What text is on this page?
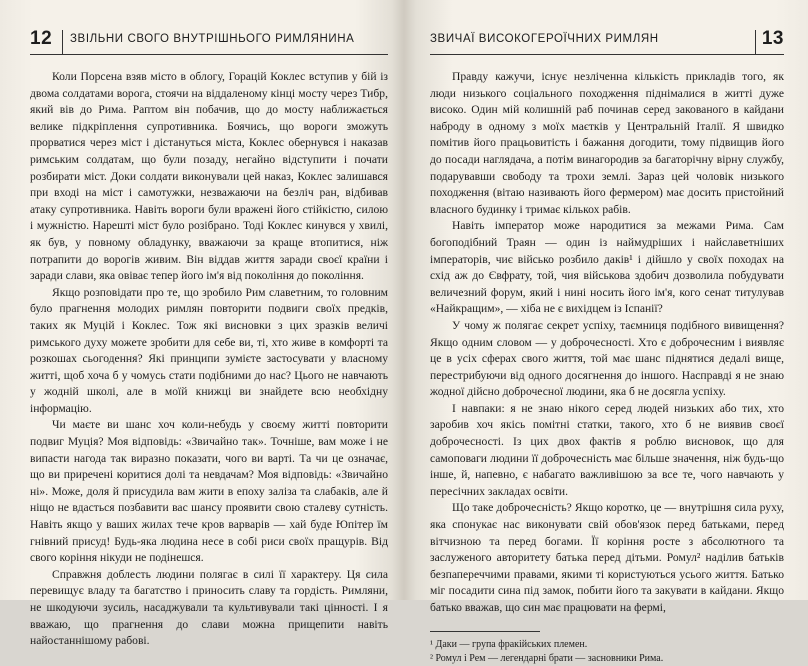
12 ЗВІЛЬНИ СВОГО ВНУТРІШНЬОГО РИМЛЯНИНА

Коли Порсена взяв місто в облогу, Горацій Коклес вступив у бій із двома солдатами ворога, стоячи на віддаленому кінці мосту через Тибр, який вів до Рима. Раптом він побачив, що до мосту наближається велике підкріплення супротивника. Боячись, що вороги зможуть прорватися через міст і дістануться міста, Коклес обернувся і наказав римським солдатам, що були позаду, негайно відступити і почати розбирати міст. Доки солдати виконували цей наказ, Коклес залишався при вході на міст і самотужки, незважаючи на безліч ран, відбивав атаку супротивника. Навіть вороги були вражені його стійкістю, силою і мужністю. Нарешті міст було розібрано. Тоді Коклес кинувся у хвилі, як був, у повному обладунку, вважаючи за краще втопитися, ніж потрапити до ворогів живим. Він віддав життя заради своєї країни і заради слави, яка овіває тепер його ім'я від покоління до покоління.

Якщо розповідати про те, що зробило Рим славетним, то головним було прагнення молодих римлян повторити подвиги своїх предків, таких як Муцій і Коклес. Тож які висновки з цих зразків величі римського духу можете зробити для себе ви, ті, хто живе в комфорті та розкошах сьогодення? Які принципи зумієте застосувати у власному житті, щоб хоча б у чомусь стати подібними до нас? Цього не навчають у жодній школі, але в моїй книжці ви знайдете всю необхідну інформацію.

Чи маєте ви шанс хоч коли-небудь у своєму житті повторити подвиг Муція? Моя відповідь: «Звичайно так». Точніше, вам може і не випасти нагода так виразно показати, чого ви варті. Та чи це означає, що ви приречені коритися долі та невдачам? Моя відповідь: «Звичайно ні». Може, доля й присудила вам жити в епоху заліза та слабаків, але й ніщо не вдасться позбавити вас шансу проявити свою сталеву сутність. Навіть якщо у ваших жилах тече кров варварів — хай буде Юпітер їм гнівний присуд! Будь-яка людина несе в собі риси своїх пращурів. Від свого коріння нікуди не подінешся.

Справжня доблесть людини полягає в силі її характеру. Ця сила перевищує владу та багатство і приносить славу та гордість. Римляни, не шкодуючи зусиль, насаджували та культивували такі цінності. І я вважаю, що прагнення до слави можна прищепити навіть найостаннішому рабові.

ЗВИЧАЇ ВИСОКОГЕРОЇЧНИХ РИМЛЯН	13

Правду кажучи, існує незліченна кількість прикладів того, як люди низького соціального походження піднімалися в житті дуже високо. Один мій колишній раб починав серед закованого в кайдани наброду в одному з моїх маєтків у Центральній Італії. Я швидко помітив його працьовитість і бажання догодити, тому підвищив його до посади наглядача, а потім винагородив за багаторічну вірну службу, подарувавши свободу та трохи землі. Зараз цей чоловік низького походження (вітаю називають його фермером) має досить пристойний власного будинку і тримає кількох рабів.

Навіть імператор може народитися за межами Рима. Сам богоподібний Траян — один із наймудріших і найславетніших імператорів, чиє військо розбило даків¹ і дійшло у своїх походах на схід аж до Євфрату, той, чия військова здобич дозволила побудувати величезний форум, який і нині носить його ім'я, кого сенат титулував «Найкращим», — хіба не є вихідцем із Іспанії?

У чому ж полягає секрет успіху, таємниця подібного вивищення? Якщо одним словом — у доброчесності. Хто є доброчесним і виявляє це в усіх сферах свого життя, той має шанс піднятися дедалі вище, перестрибуючи від одного досягнення до іншого. Насправді я не знаю жодної дійсно доброчесної людини, яка б не досягла успіху.

І навпаки: я не знаю нікого серед людей низьких або тих, хто заробив хоч якісь помітні статки, такого, хто б не виявив своєї доброчесності. Із цих двох фактів я роблю висновок, що для самоповаги людини її доброчесність має більше значення, ніж будь-що інше, й, напевно, є набагато важливішою за все те, чого навчають у пересічних закладах освіти.

Що таке доброчесність? Якщо коротко, це — внутрішня сила руху, яка спонукає нас виконувати свій обов'язок перед батьками, перед вітчизною та перед богами. Її коріння росте з абсолютного та заслуженого авторитету батька перед дітьми. Ромул² наділив батьків безпапереччими правами, якими ті користуються усього життя. Батько міг посадити сина під замок, побити його та закувати в кайдани. Якщо батько вважав, що син має працювати на фермі,

¹ Даки — група фракійських племен.

² Ромул і Рем — легендарні брати — засновники Рима.
